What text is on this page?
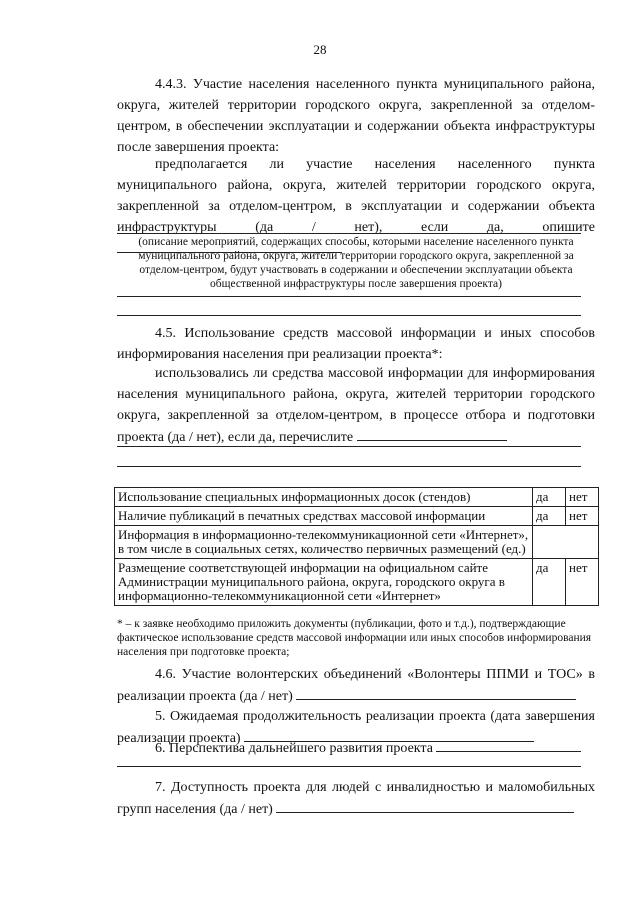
28
4.4.3. Участие населения населенного пункта муниципального района, округа, жителей территории городского округа, закрепленной за отделом-центром, в обеспечении эксплуатации и содержании объекта инфраструктуры после завершения проекта:
предполагается ли участие населения населенного пункта муниципального района, округа, жителей территории городского округа, закрепленной за отделом-центром, в эксплуатации и содержании объекта инфраструктуры (да / нет), если да, опишите
(описание мероприятий, содержащих способы, которыми население населенного пункта муниципального района, округа, жители территории городского округа, закрепленной за отделом-центром, будут участвовать в содержании и обеспечении эксплуатации объекта общественной инфраструктуры после завершения проекта)
4.5. Использование средств массовой информации и иных способов информирования населения при реализации проекта*:
использовались ли средства массовой информации для информирования населения муниципального района, округа, жителей территории городского округа, закрепленной за отделом-центром, в процессе отбора и подготовки проекта (да / нет), если да, перечислите
Использование специальных информационных досок (стендов)	да	нет
Наличие публикаций в печатных средствах массовой информации	да	нет
Информация в информационно-телекоммуникационной сети «Интернет», в том числе в социальных сетях, количество первичных размещений (ед.)		
Размещение соответствующей информации на официальном сайте Администрации муниципального района, округа, городского округа в информационно-телекоммуникационной сети «Интернет»	да	нет
* – к заявке необходимо приложить документы (публикации, фото и т.д.), подтверждающие фактическое использование средств массовой информации или иных способов информирования населения при подготовке проекта;
4.6. Участие волонтерских объединений «Волонтеры ППМИ и ТОС» в реализации проекта (да / нет)
5. Ожидаемая продолжительность реализации проекта (дата завершения реализации проекта)
6. Перспектива дальнейшего развития проекта
7. Доступность проекта для людей с инвалидностью и маломобильных групп населения (да / нет)
